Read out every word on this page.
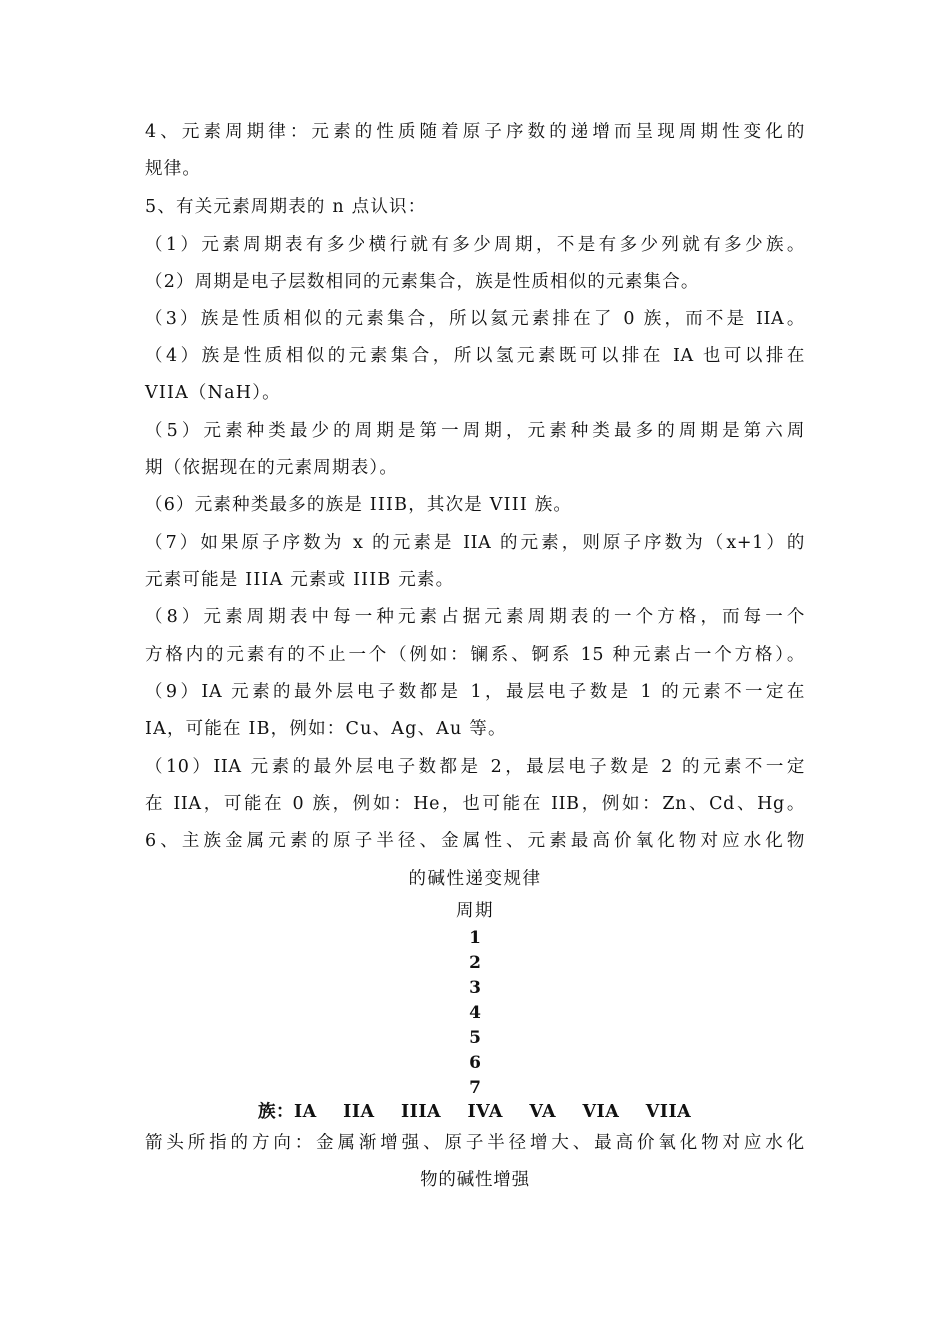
4、元素周期律：元素的性质随着原子序数的递增而呈现周期性变化的
规律。
5、有关元素周期表的 n 点认识：
（1）元素周期表有多少横行就有多少周期，不是有多少列就有多少族。
（2）周期是电子层数相同的元素集合，族是性质相似的元素集合。
（3）族是性质相似的元素集合，所以氦元素排在了 0 族，而不是 IIA。
（4）族是性质相似的元素集合，所以氢元素既可以排在 IA 也可以排在
VIIA（NaH）。
（5）元素种类最少的周期是第一周期，元素种类最多的周期是第六周
期（依据现在的元素周期表）。
（6）元素种类最多的族是 IIIB，其次是 VIII 族。
（7）如果原子序数为 x 的元素是 IIA 的元素，则原子序数为（x+1）的
元素可能是 IIIA 元素或 IIIB 元素。
（8）元素周期表中每一种元素占据元素周期表的一个方格，而每一个
方格内的元素有的不止一个（例如：镧系、锕系 15 种元素占一个方格）。
（9）IA 元素的最外层电子数都是 1，最层电子数是 1 的元素不一定在
IA，可能在 IB，例如：Cu、Ag、Au 等。
（10）IIA 元素的最外层电子数都是 2，最层电子数是 2 的元素不一定
在 IIA，可能在 0 族，例如：He，也可能在 IIB，例如：Zn、Cd、Hg。
6、主族金属元素的原子半径、金属性、元素最高价氧化物对应水化物
的碱性递变规律
周期
1
2
3
4
5
6
7
族：IA    IIA    IIIA    IVA    VA    VIA    VIIA
箭头所指的方向：金属渐增强、原子半径增大、最高价氧化物对应水化
物的碱性增强
